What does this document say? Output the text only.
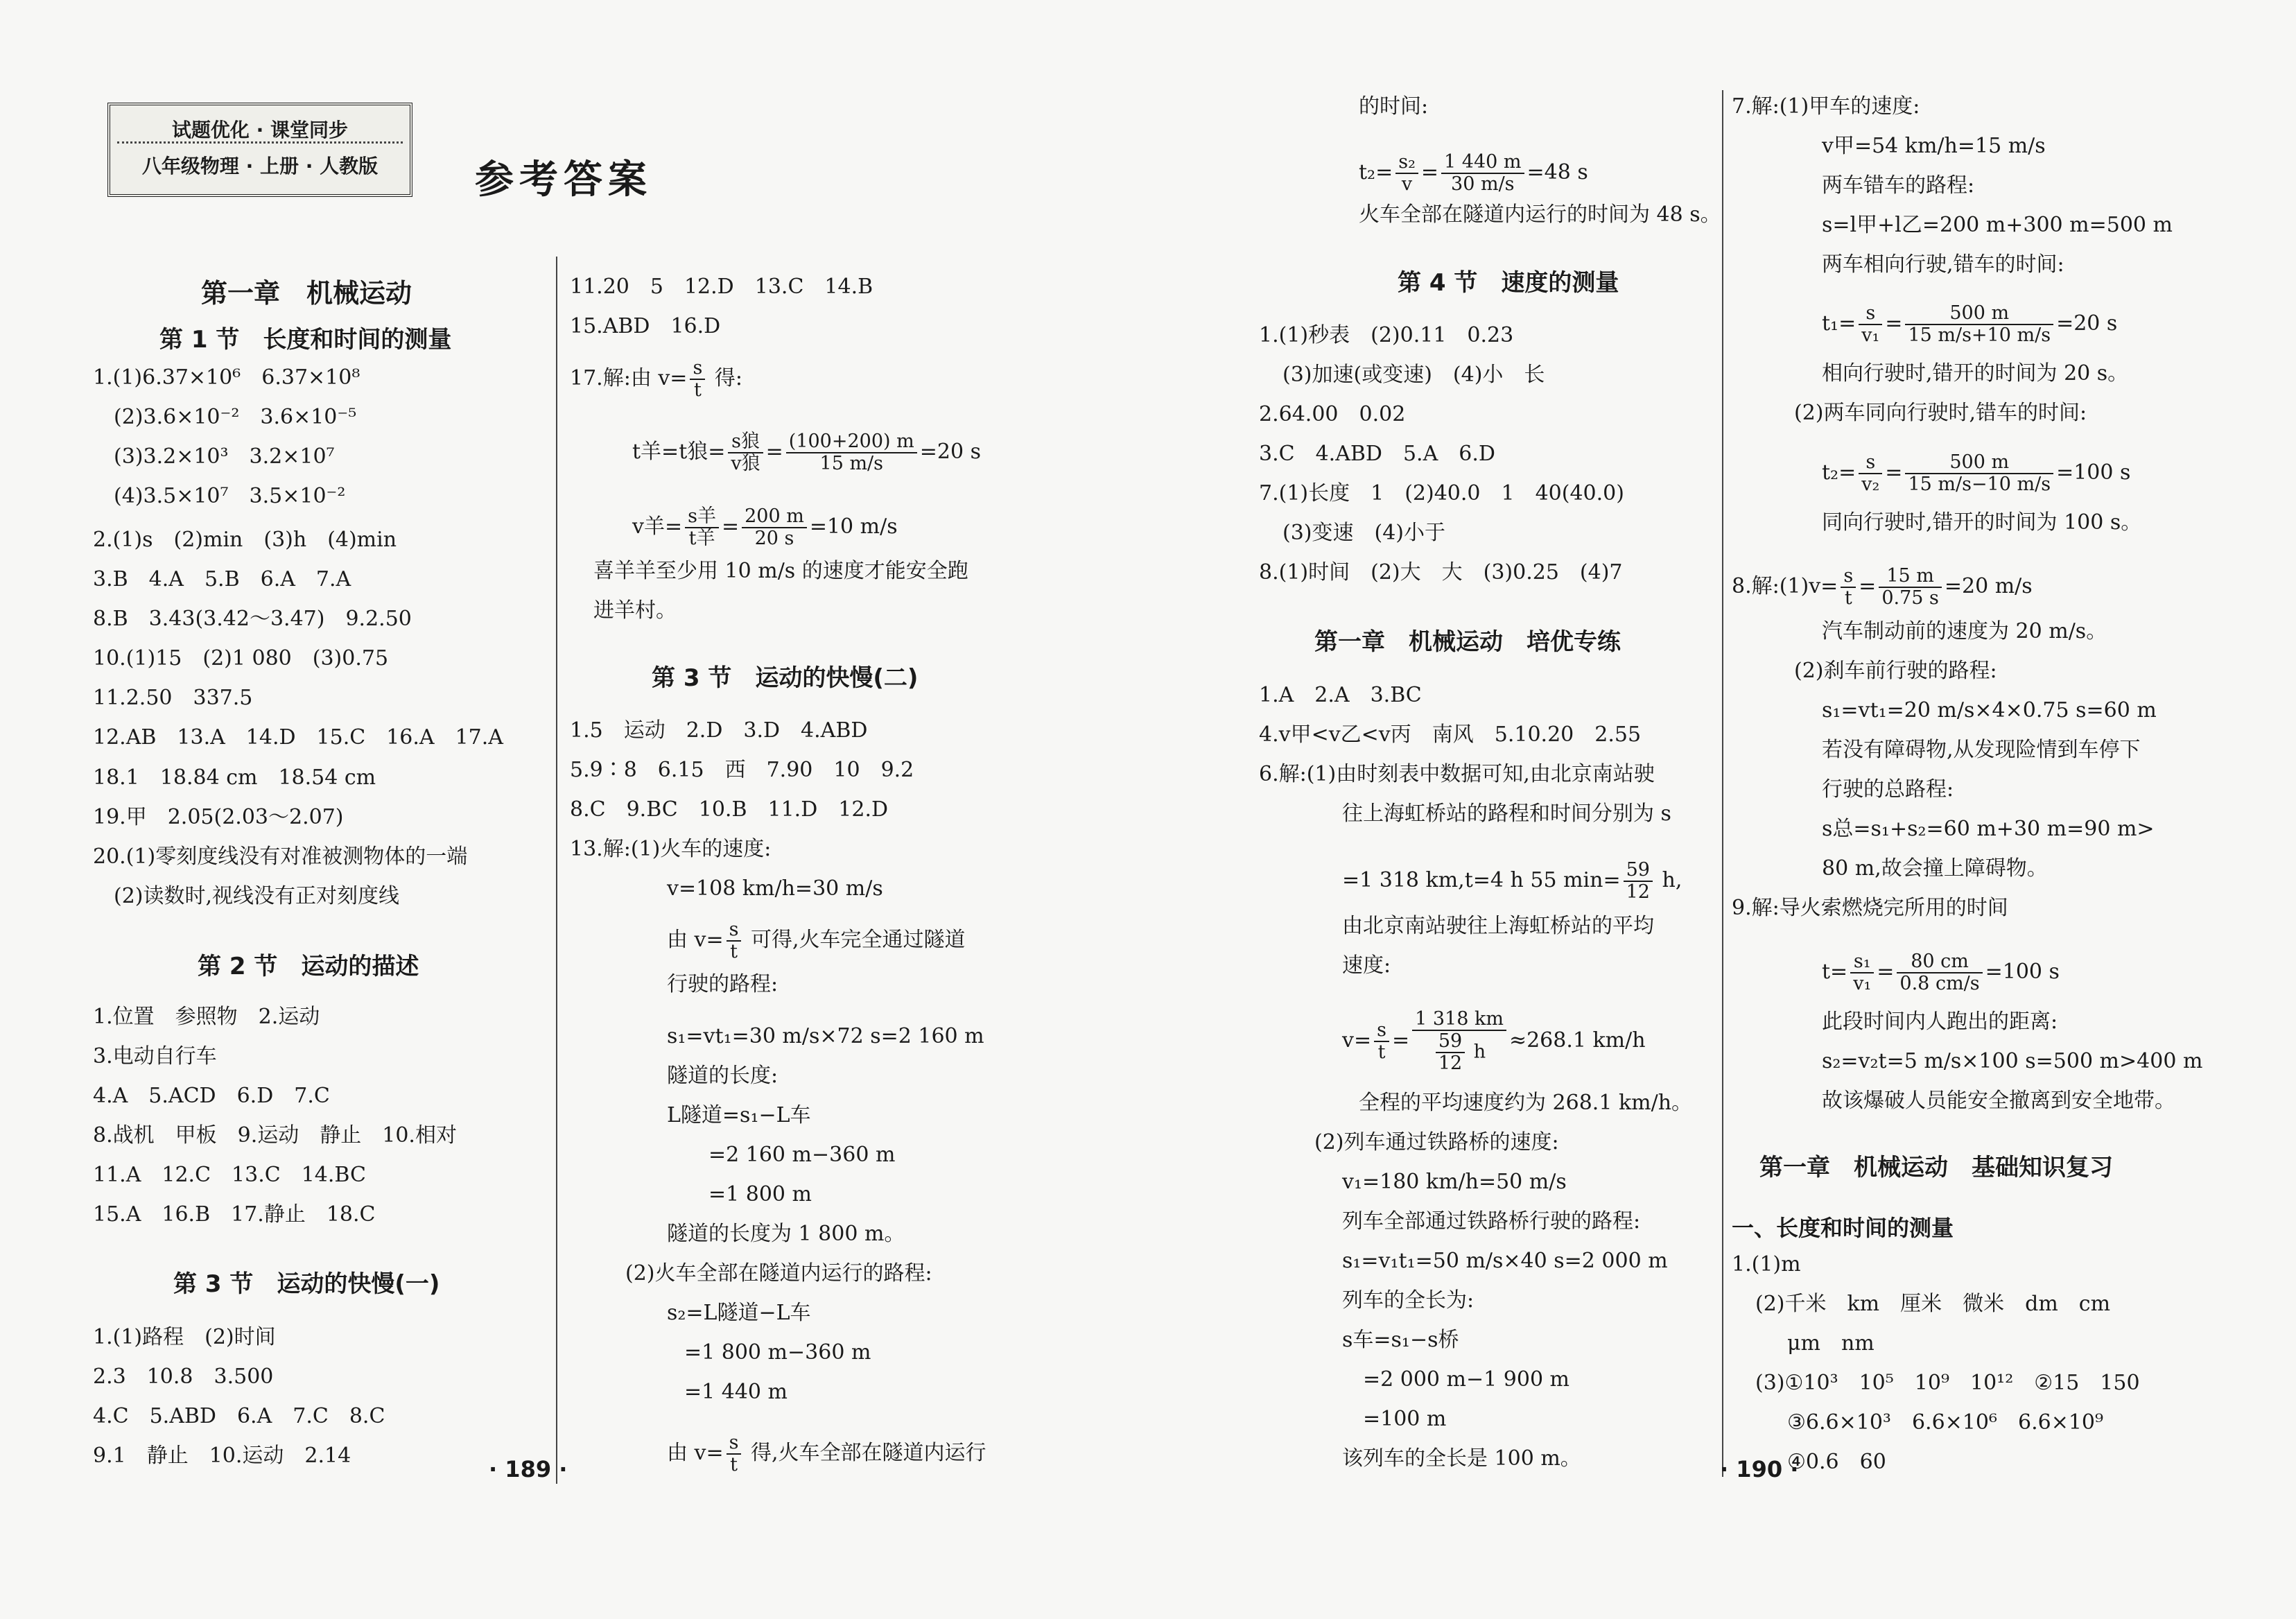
试题优化 · 课堂同步
八年级物理 · 上册 · 人教版	参考答案
第一章　机械运动
第 1 节　长度和时间的测量
1.(1)6.37×10⁶　6.37×10⁸
(2)3.6×10⁻²　3.6×10⁻⁵
(3)3.2×10³　3.2×10⁷
(4)3.5×10⁷　3.5×10⁻²
2.(1)s　(2)min　(3)h　(4)min
3.B　4.A　5.B　6.A　7.A
8.B　3.43(3.42～3.47)　9.2.50
10.(1)15　(2)1 080　(3)0.75
11.2.50　337.5
12.AB　13.A　14.D　15.C　16.A　17.A
18.1　18.84 cm　18.54 cm
19.甲　2.05(2.03～2.07)
20.(1)零刻度线没有对准被测物体的一端
(2)读数时,视线没有正对刻度线
第 2 节　运动的描述
1.位置　参照物　2.运动
3.电动自行车
4.A　5.ACD　6.D　7.C
8.战机　甲板　9.运动　静止　10.相对
11.A　12.C　13.C　14.BC
15.A　16.B　17.静止　18.C
第 3 节　运动的快慢(一)
1.(1)路程　(2)时间
2.3　10.8　3.500
4.C　5.ABD　6.A　7.C　8.C
9.1　静止　10.运动　2.14
11.20　5　12.D　13.C　14.B
15.ABD　16.D
17.解:由 $v= \frac{s}{t}$ 得:
t羊=t狼= $\frac{\text{s狼}}{\text{v狼}} = \frac{(100+200) m}{15 m/s} =20$ s
v羊= $\frac{\text{s羊}}{\text{t羊}} = \frac{200 m}{20 s} =10$ m/s
喜羊羊至少用 10 m/s 的速度才能安全跑
进羊村。
第 3 节　运动的快慢(二)
1.5　运动　2.D　3.D　4.ABD
5.9∶8　6.15　西　7.90　10　9.2
8.C　9.BC　10.B　11.D　12.D
13.解:(1)火车的速度:
v=108 km/h=30 m/s
由 $v= \frac{s}{t}$ 可得,火车完全通过隧道
行驶的路程:
s₁=vt₁=30 m/s×72 s=2 160 m
隧道的长度:
L隧道=s₁−L车
=2 160 m−360 m
=1 800 m
隧道的长度为 1 800 m。
(2)火车全部在隧道内运行的路程:
s₂=L隧道−L车
=1 800 m−360 m
=1 440 m
由 $v= \frac{s}{t}$ 得,火车全部在隧道内运行
· 189 ·
的时间:
$t_2= \frac{\text{s₂}}{v} = \frac{1 440 m}{30 m/s} =48$ s
火车全部在隧道内运行的时间为 48 s。
第 4 节　速度的测量
1.(1)秒表　(2)0.11　0.23
(3)加速(或变速)　(4)小　长
2.64.00　0.02
3.C　4.ABD　5.A　6.D
7.(1)长度　1　(2)40.0　1　40(40.0)
(3)变速　(4)小于
8.(1)时间　(2)大　大　(3)0.25　(4)7
第一章　机械运动　培优专练
1.A　2.A　3.BC
4.v甲<v乙<v丙　南风　5.10.20　2.55
6.解:(1)由时刻表中数据可知,由北京南站驶
往上海虹桥站的路程和时间分别为 s
=1 318 km,t=4 h 55 $\min= \frac{59}{12} h$,
由北京南站驶往上海虹桥站的平均
速度:
$v= \frac{s}{t} = \frac{1 318 km}{\frac{59}{12} h} \approx 268.1$ km/h
全程的平均速度约为 268.1 km/h。
(2)列车通过铁路桥的速度:
v₁=180 km/h=50 m/s
列车全部通过铁路桥行驶的路程:
s₁=v₁t₁=50 m/s×40 s=2 000 m
列车的全长为:
s车=s₁−s桥
=2 000 m−1 900 m
=100 m
该列车的全长是 100 m。
7.解:(1)甲车的速度:
v甲=54 km/h=15 m/s
两车错车的路程:
s=l甲+l乙=200 m+300 m=500 m
两车相向行驶,错车的时间:
$t_1= \frac{s}{\text{v₁}} = \frac{500 m}{15 m/s+10 m/s} =20$ s
相向行驶时,错开的时间为 20 s。
(2)两车同向行驶时,错车的时间:
$t_2= \frac{s}{\text{v₂}} = \frac{500 m}{15 m/s-10 m/s} =100$ s
同向行驶时,错开的时间为 100 s。
8.解:(1)v= $\frac{s}{t} = \frac{15 m}{0.75 s} =20$ m/s
汽车制动前的速度为 20 m/s。
(2)刹车前行驶的路程:
s₁=vt₁=20 m/s×4×0.75 s=60 m
若没有障碍物,从发现险情到车停下
行驶的总路程:
s总=s₁+s₂=60 m+30 m=90 m>
80 m,故会撞上障碍物。
9.解:导火索燃烧完所用的时间
$t= \frac{\text{s₁}}{\text{v₁}} = \frac{80 cm}{0.8 cm/s} =100$ s
此段时间内人跑出的距离:
s₂=v₂t=5 m/s×100 s=500 m>400 m
故该爆破人员能安全撤离到安全地带。
第一章　机械运动　基础知识复习
一、长度和时间的测量
1.(1)m
(2)千米　km　厘米　微米　dm　cm
μm　nm
(3)①10³　10⁵　10⁹　10¹²　②15　150
③6.6×10³　6.6×10⁶　6.6×10⁹
④0.6　60
· 190 ·
